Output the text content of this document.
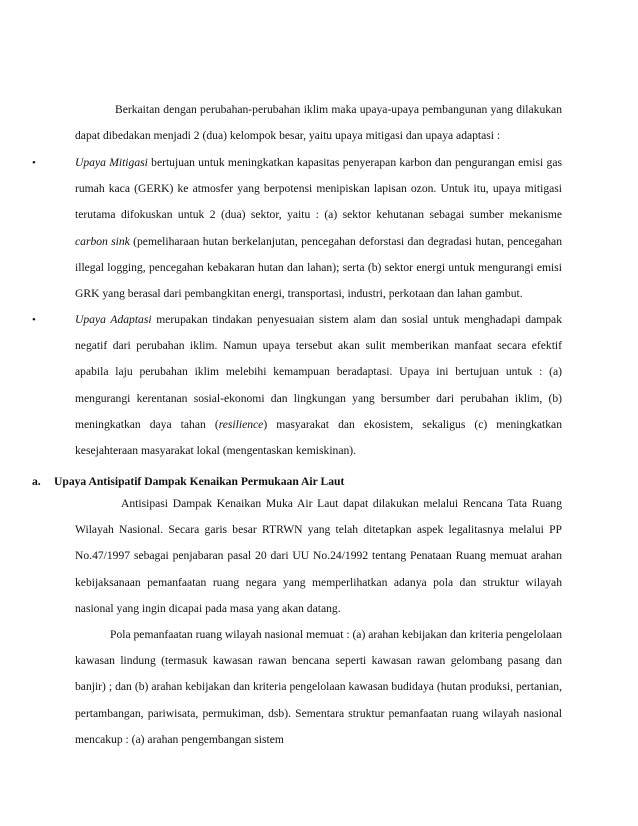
Berkaitan dengan perubahan-perubahan iklim maka upaya-upaya pembangunan yang dilakukan dapat dibedakan menjadi 2 (dua) kelompok besar, yaitu upaya mitigasi dan upaya adaptasi :
•	Upaya Mitigasi bertujuan untuk meningkatkan kapasitas penyerapan karbon dan pengurangan emisi gas rumah kaca (GERK) ke atmosfer yang berpotensi menipiskan lapisan ozon. Untuk itu, upaya mitigasi terutama difokuskan untuk 2 (dua) sektor, yaitu : (a) sektor kehutanan sebagai sumber mekanisme carbon sink (pemeliharaan hutan berkelanjutan, pencegahan deforstasi dan degradasi hutan, pencegahan illegal logging, pencegahan kebakaran hutan dan lahan); serta (b) sektor energi untuk mengurangi emisi GRK yang berasal dari pembangkitan energi, transportasi, industri, perkotaan dan lahan gambut.
•	Upaya Adaptasi merupakan tindakan penyesuaian sistem alam dan sosial untuk menghadapi dampak negatif dari perubahan iklim. Namun upaya tersebut akan sulit memberikan manfaat secara efektif apabila laju perubahan iklim melebihi kemampuan beradaptasi. Upaya ini bertujuan untuk : (a) mengurangi kerentanan sosial-ekonomi dan lingkungan yang bersumber dari perubahan iklim, (b) meningkatkan daya tahan (resilience) masyarakat dan ekosistem, sekaligus (c) meningkatkan kesejahteraan masyarakat lokal (mengentaskan kemiskinan).
a. Upaya Antisipatif Dampak Kenaikan Permukaan Air Laut
Antisipasi Dampak Kenaikan Muka Air Laut dapat dilakukan melalui Rencana Tata Ruang Wilayah Nasional. Secara garis besar RTRWN yang telah ditetapkan aspek legalitasnya melalui PP No.47/1997 sebagai penjabaran pasal 20 dari UU No.24/1992 tentang Penataan Ruang memuat arahan kebijaksanaan pemanfaatan ruang negara yang memperlihatkan adanya pola dan struktur wilayah nasional yang ingin dicapai pada masa yang akan datang.
Pola pemanfaatan ruang wilayah nasional memuat : (a) arahan kebijakan dan kriteria pengelolaan kawasan lindung (termasuk kawasan rawan bencana seperti kawasan rawan gelombang pasang dan banjir) ; dan (b) arahan kebijakan dan kriteria pengelolaan kawasan budidaya (hutan produksi, pertanian, pertambangan, pariwisata, permukiman, dsb). Sementara struktur pemanfaatan ruang wilayah nasional mencakup : (a) arahan pengembangan sistem
